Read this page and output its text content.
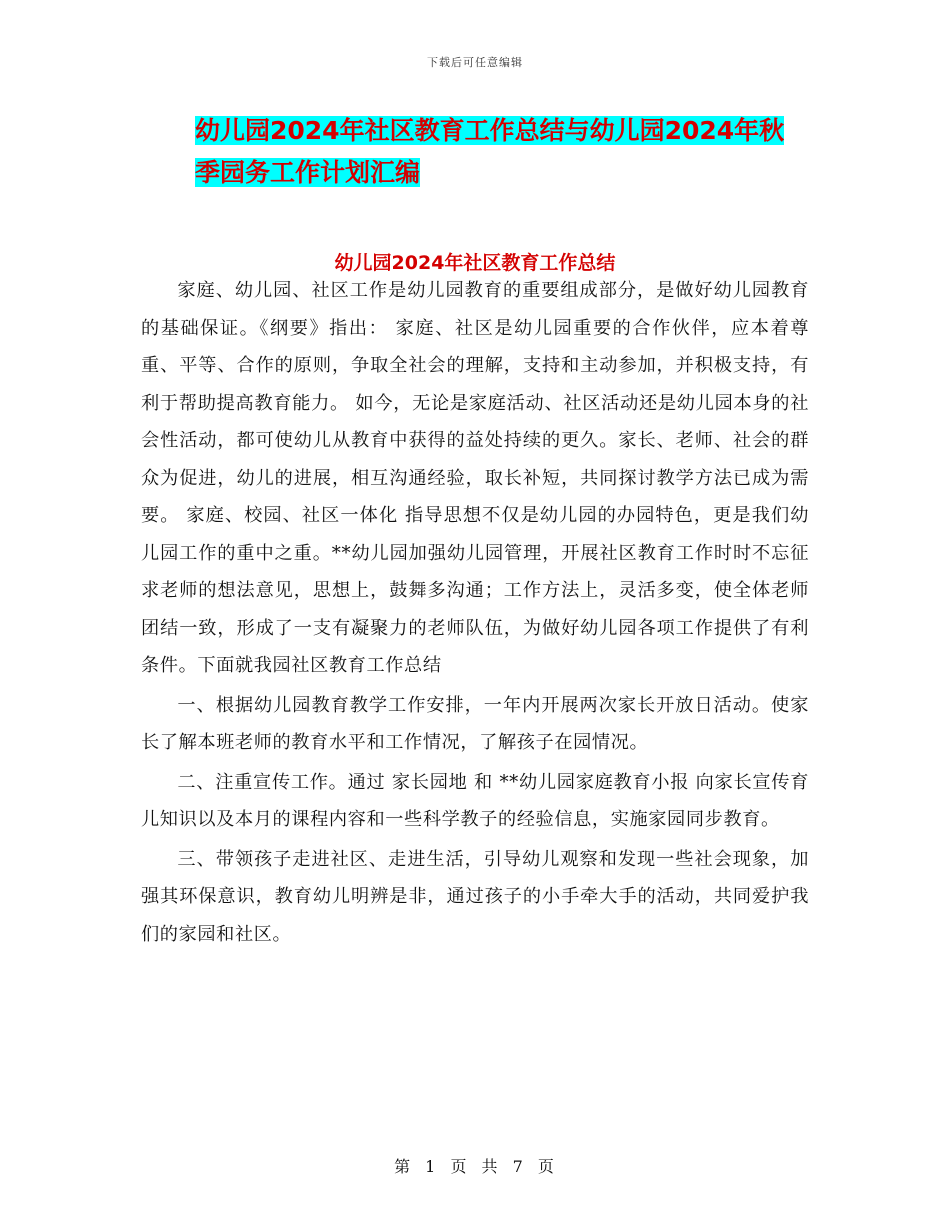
下载后可任意编辑
幼儿园2024年社区教育工作总结与幼儿园2024年秋
季园务工作计划汇编
幼儿园2024年社区教育工作总结

家庭、幼儿园、社区工作是幼儿园教育的重要组成部分，是做好幼儿园教育的基础保证。《纲要》指出： 家庭、社区是幼儿园重要的合作伙伴，应本着尊重、平等、合作的原则，争取全社会的理解，支持和主动参加，并积极支持，有利于帮助提高教育能力。 如今，无论是家庭活动、社区活动还是幼儿园本身的社会性活动，都可使幼儿从教育中获得的益处持续的更久。家长、老师、社会的群众为促进，幼儿的进展，相互沟通经验，取长补短，共同探讨教学方法已成为需要。 家庭、校园、社区一体化 指导思想不仅是幼儿园的办园特色，更是我们幼儿园工作的重中之重。**幼儿园加强幼儿园管理，开展社区教育工作时时不忘征求老师的想法意见，思想上，鼓舞多沟通；工作方法上，灵活多变，使全体老师团结一致，形成了一支有凝聚力的老师队伍，为做好幼儿园各项工作提供了有利条件。下面就我园社区教育工作总结

一、根据幼儿园教育教学工作安排，一年内开展两次家长开放日活动。使家长了解本班老师的教育水平和工作情况，了解孩子在园情况。

二、注重宣传工作。通过 家长园地 和 **幼儿园家庭教育小报 向家长宣传育儿知识以及本月的课程内容和一些科学教子的经验信息，实施家园同步教育。

三、带领孩子走进社区、走进生活，引导幼儿观察和发现一些社会现象，加强其环保意识，教育幼儿明辨是非，通过孩子的小手牵大手的活动，共同爱护我们的家园和社区。

第 1 页 共 7 页
